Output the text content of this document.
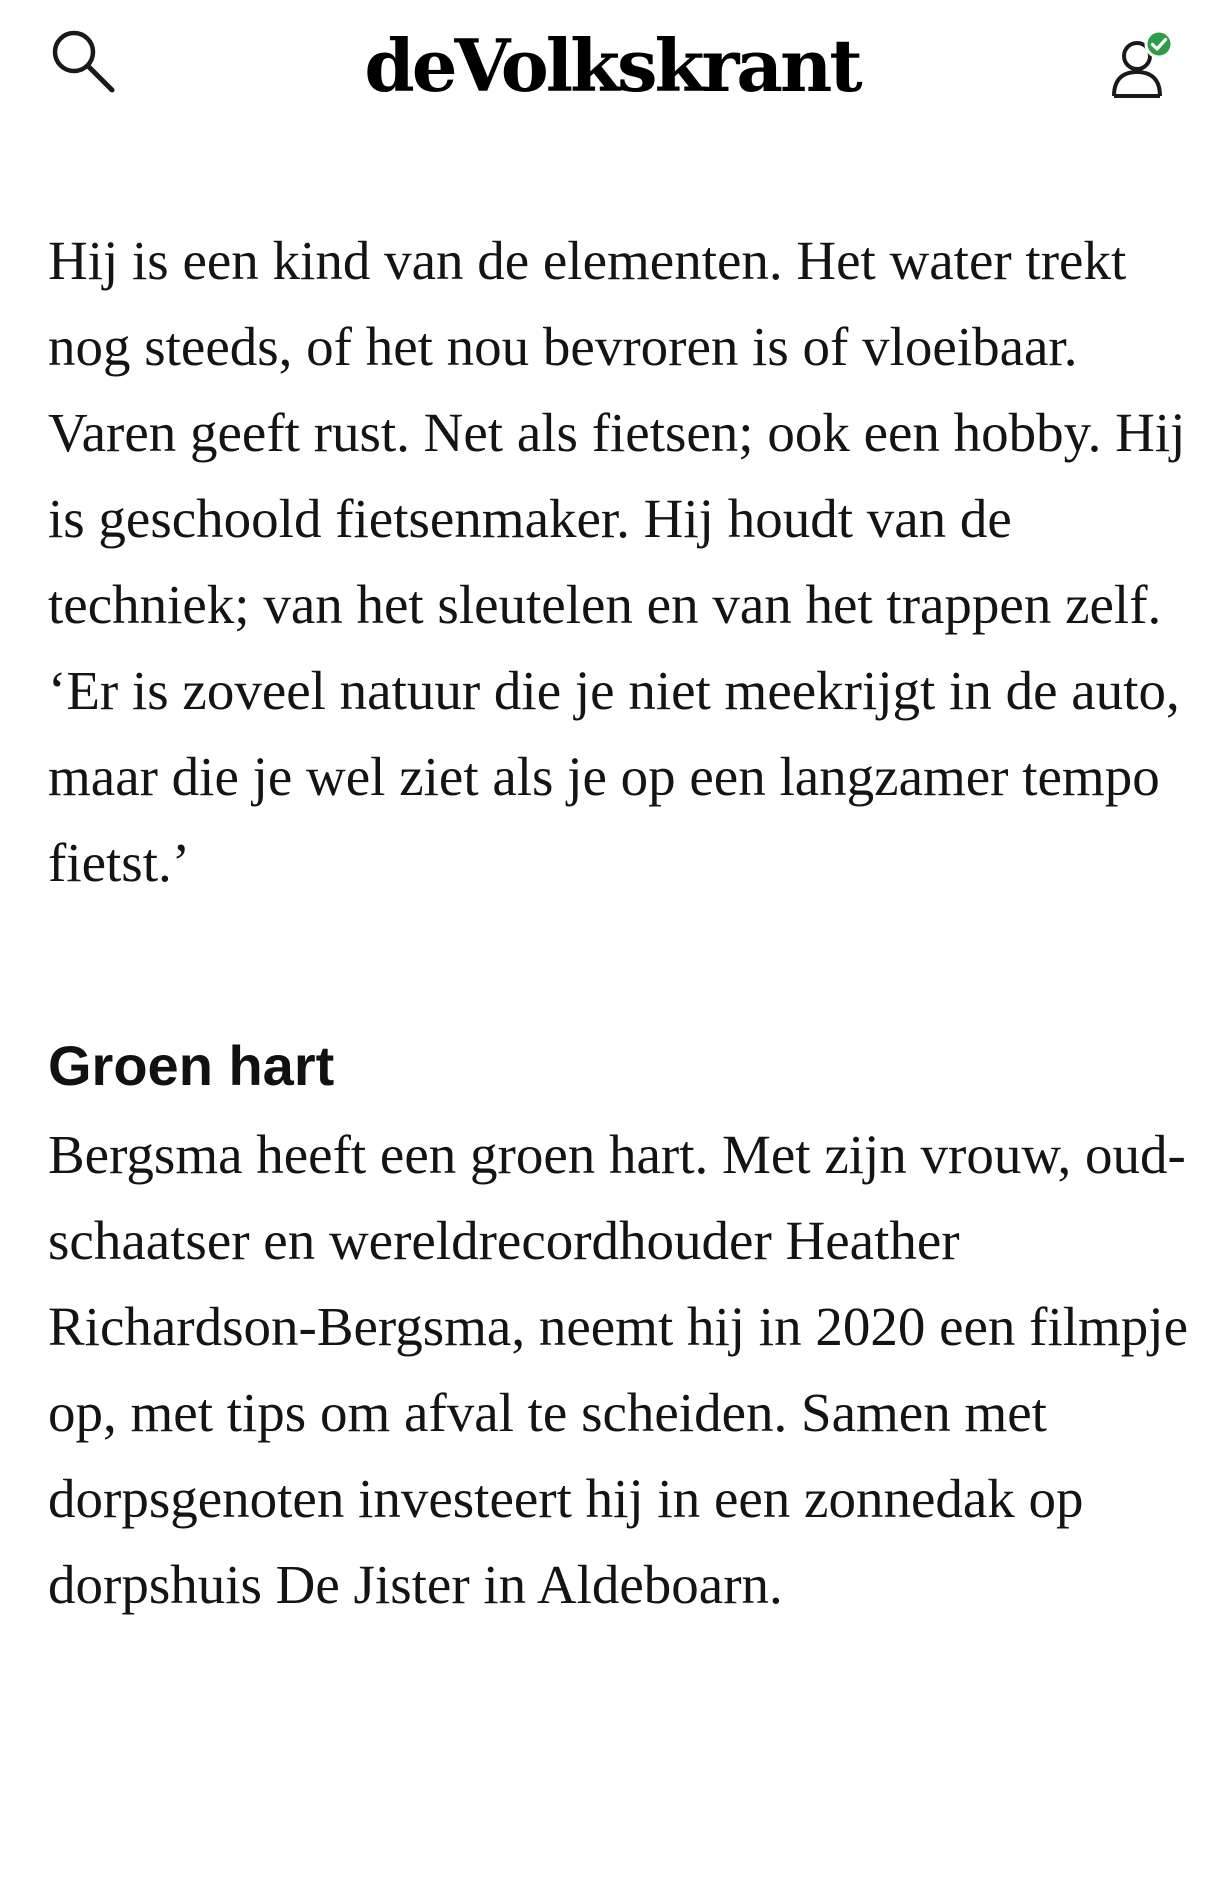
deVolkskrant

Hij is een kind van de elementen. Het water trekt nog steeds, of het nou bevroren is of vloeibaar. Varen geeft rust. Net als fietsen; ook een hobby. Hij is geschoold fietsenmaker. Hij houdt van de techniek; van het sleutelen en van het trappen zelf. ‘Er is zoveel natuur die je niet meekrijgt in de auto, maar die je wel ziet als je op een langzamer tempo fietst.’

Groen hart

Bergsma heeft een groen hart. Met zijn vrouw, oud-schaatser en wereldrecordhouder Heather Richardson-Bergsma, neemt hij in 2020 een filmpje op, met tips om afval te scheiden. Samen met dorpsgenoten investeert hij in een zonnedak op dorpshuis De Jister in Aldeboarn.
